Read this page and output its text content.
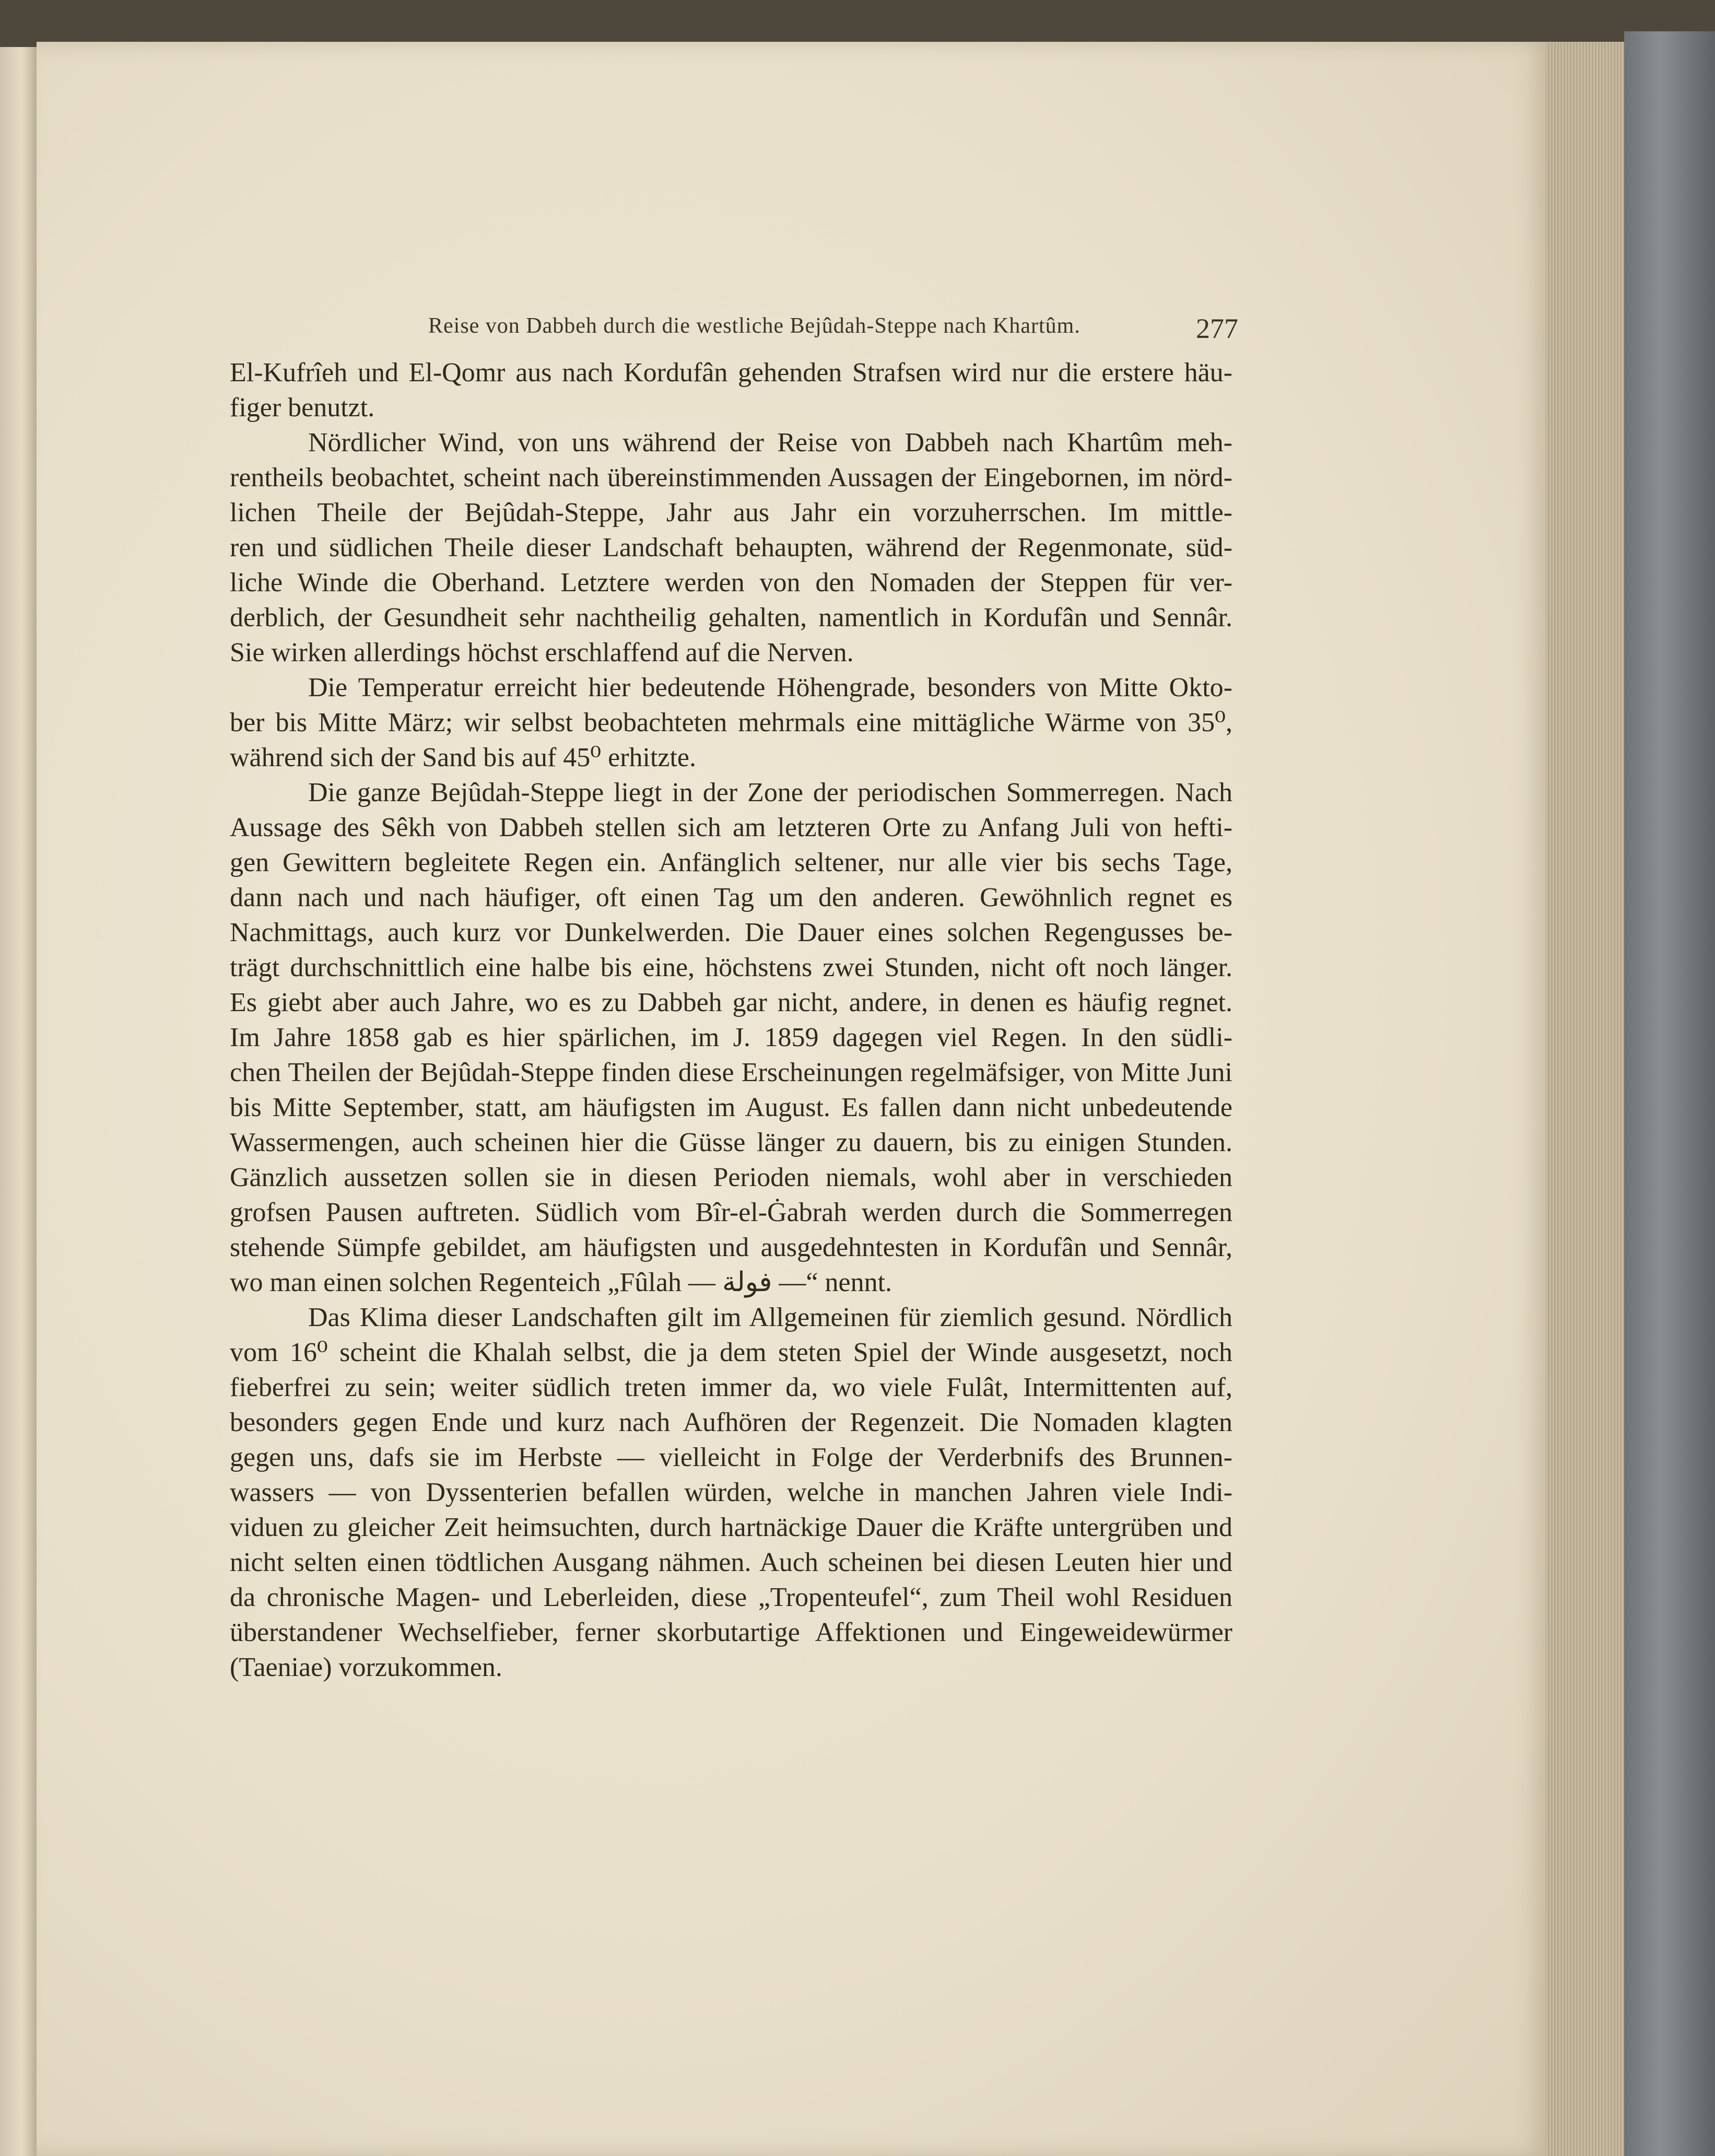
Reise von Dabbeh durch die westliche Bejûdah-Steppe nach Khartûm.	277
El-Kufrîeh und El-Qomr aus nach Kordufân gehenden Strafsen wird nur die erstere häu-
figer benutzt.
Nördlicher Wind, von uns während der Reise von Dabbeh nach Khartûm meh-
rentheils beobachtet, scheint nach übereinstimmenden Aussagen der Eingebornen, im nörd-
lichen Theile der Bejûdah-Steppe, Jahr aus Jahr ein vorzuherrschen. Im mittle-
ren und südlichen Theile dieser Landschaft behaupten, während der Regenmonate, süd-
liche Winde die Oberhand. Letztere werden von den Nomaden der Steppen für ver-
derblich, der Gesundheit sehr nachtheilig gehalten, namentlich in Kordufân und Sennâr.
Sie wirken allerdings höchst erschlaffend auf die Nerven.
Die Temperatur erreicht hier bedeutende Höhengrade, besonders von Mitte Okto-
ber bis Mitte März; wir selbst beobachteten mehrmals eine mittägliche Wärme von 35⁰,
während sich der Sand bis auf 45⁰ erhitzte.
Die ganze Bejûdah-Steppe liegt in der Zone der periodischen Sommerregen. Nach
Aussage des Sêkh von Dabbeh stellen sich am letzteren Orte zu Anfang Juli von hefti-
gen Gewittern begleitete Regen ein. Anfänglich seltener, nur alle vier bis sechs Tage,
dann nach und nach häufiger, oft einen Tag um den anderen. Gewöhnlich regnet es
Nachmittags, auch kurz vor Dunkelwerden. Die Dauer eines solchen Regengusses be-
trägt durchschnittlich eine halbe bis eine, höchstens zwei Stunden, nicht oft noch länger.
Es giebt aber auch Jahre, wo es zu Dabbeh gar nicht, andere, in denen es häufig regnet.
Im Jahre 1858 gab es hier spärlichen, im J. 1859 dagegen viel Regen. In den südli-
chen Theilen der Bejûdah-Steppe finden diese Erscheinungen regelmäfsiger, von Mitte Juni
bis Mitte September, statt, am häufigsten im August. Es fallen dann nicht unbedeutende
Wassermengen, auch scheinen hier die Güsse länger zu dauern, bis zu einigen Stunden.
Gänzlich aussetzen sollen sie in diesen Perioden niemals, wohl aber in verschieden
grofsen Pausen auftreten. Südlich vom Bîr-el-Ġabrah werden durch die Sommerregen
stehende Sümpfe gebildet, am häufigsten und ausgedehntesten in Kordufân und Sennâr,
wo man einen solchen Regenteich „Fûlah — فولة —“ nennt.
Das Klima dieser Landschaften gilt im Allgemeinen für ziemlich gesund. Nördlich
vom 16⁰ scheint die Khalah selbst, die ja dem steten Spiel der Winde ausgesetzt, noch
fieberfrei zu sein; weiter südlich treten immer da, wo viele Fulât, Intermittenten auf,
besonders gegen Ende und kurz nach Aufhören der Regenzeit. Die Nomaden klagten
gegen uns, dafs sie im Herbste — vielleicht in Folge der Verderbnifs des Brunnen-
wassers — von Dyssenterien befallen würden, welche in manchen Jahren viele Indi-
viduen zu gleicher Zeit heimsuchten, durch hartnäckige Dauer die Kräfte untergrüben und
nicht selten einen tödtlichen Ausgang nähmen. Auch scheinen bei diesen Leuten hier und
da chronische Magen- und Leberleiden, diese „Tropenteufel“, zum Theil wohl Residuen
überstandener Wechselfieber, ferner skorbutartige Affektionen und Eingeweidewürmer
(Taeniae) vorzukommen.
